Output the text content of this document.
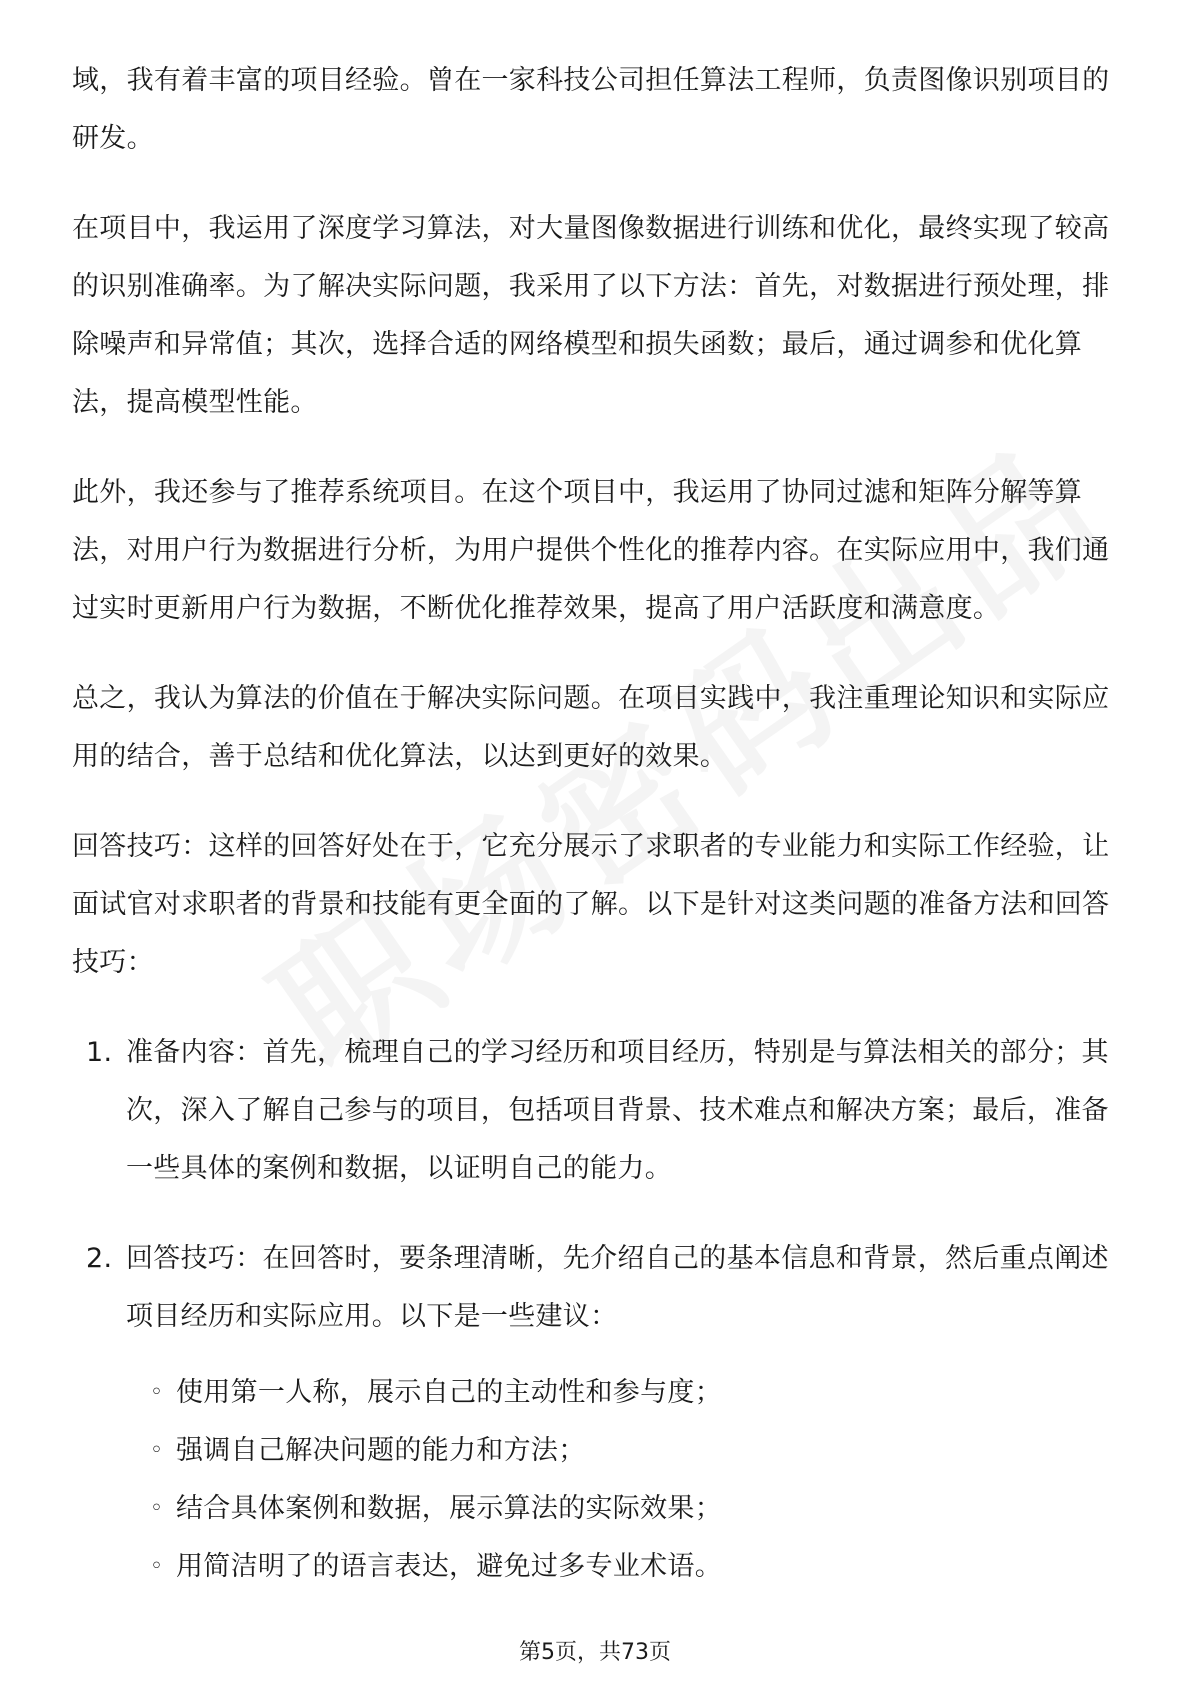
域，我有着丰富的项目经验。曾在一家科技公司担任算法工程师，负责图像识别项目的研发。

在项目中，我运用了深度学习算法，对大量图像数据进行训练和优化，最终实现了较高的识别准确率。为了解决实际问题，我采用了以下方法：首先，对数据进行预处理，排除噪声和异常值；其次，选择合适的网络模型和损失函数；最后，通过调参和优化算法，提高模型性能。

此外，我还参与了推荐系统项目。在这个项目中，我运用了协同过滤和矩阵分解等算法，对用户行为数据进行分析，为用户提供个性化的推荐内容。在实际应用中，我们通过实时更新用户行为数据，不断优化推荐效果，提高了用户活跃度和满意度。

总之，我认为算法的价值在于解决实际问题。在项目实践中，我注重理论知识和实际应用的结合，善于总结和优化算法，以达到更好的效果。

回答技巧：这样的回答好处在于，它充分展示了求职者的专业能力和实际工作经验，让面试官对求职者的背景和技能有更全面的了解。以下是针对这类问题的准备方法和回答技巧：

1. 准备内容：首先，梳理自己的学习经历和项目经历，特别是与算法相关的部分；其次，深入了解自己参与的项目，包括项目背景、技术难点和解决方案；最后，准备一些具体的案例和数据，以证明自己的能力。
2. 回答技巧：在回答时，要条理清晰，先介绍自己的基本信息和背景，然后重点阐述项目经历和实际应用。以下是一些建议：
◦ 使用第一人称，展示自己的主动性和参与度；
◦ 强调自己解决问题的能力和方法；
◦ 结合具体案例和数据，展示算法的实际效果；
◦ 用简洁明了的语言表达，避免过多专业术语。
第5页，共73页
